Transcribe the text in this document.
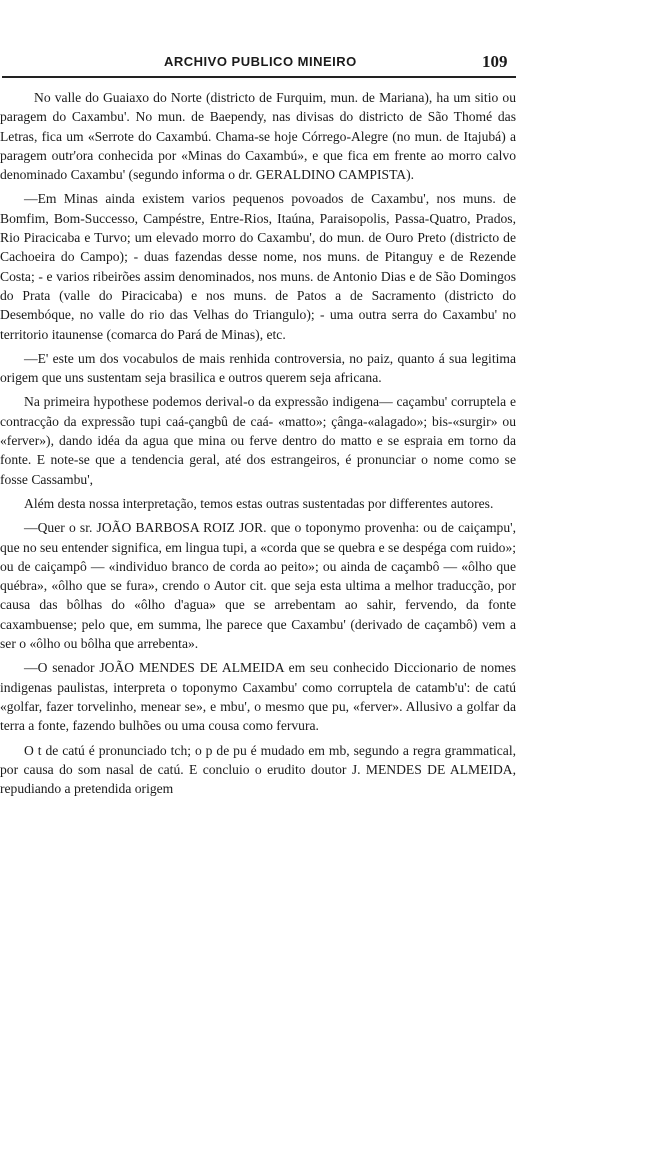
ARCHIVO PUBLICO MINEIRO	109

No valle do Guaiaxo do Norte (districto de Furquim, mun. de Mariana), ha um sitio ou paragem do Caxambu'. No mun. de Baependy, nas divisas do districto de São Thomé das Letras, fica um «Serrote do Caxambú. Chama-se hoje Córrego-Alegre (no mun. de Itajubá) a paragem outr'ora conhecida por «Minas do Caxambú», e que fica em frente ao morro calvo denominado Caxambu' (segundo informa o dr. GERALDINO CAMPISTA).

—Em Minas ainda existem varios pequenos povoados de Caxambu', nos muns. de Bomfim, Bom-Successo, Campéstre, Entre-Rios, Itaúna, Paraisopolis, Passa-Quatro, Prados, Rio Piracicaba e Turvo; um elevado morro do Caxambu', do mun. de Ouro Preto (districto de Cachoeira do Campo); - duas fazendas desse nome, nos muns. de Pitanguy e de Rezende Costa; - e varios ribeirões assim denominados, nos muns. de Antonio Dias e de São Domingos do Prata (valle do Piracicaba) e nos muns. de Patos a de Sacramento (districto do Desembóque, no valle do rio das Velhas do Triangulo); - uma outra serra do Caxambu' no territorio itaunense (comarca do Pará de Minas), etc.

—E' este um dos vocabulos de mais renhida controversia, no paiz, quanto á sua legitima origem que uns sustentam seja brasilica e outros querem seja africana.

Na primeira hypothese podemos derival-o da expressão indigena— caçambu' corruptela e contracção da expressão tupi caá-çangbû de caá- «matto»; çânga-«alagado»; bis-«surgir» ou «ferver»), dando idéa da agua que mina ou ferve dentro do matto e se espraia em torno da fonte. E note-se que a tendencia geral, até dos estrangeiros, é pronunciar o nome como se fosse Cassambu',

Além desta nossa interpretação, temos estas outras sustentadas por differentes autores.

—Quer o sr. JOÃO BARBOSA ROIZ JOR. que o toponymo provenha: ou de caiçampu', que no seu entender significa, em lingua tupi, a «corda que se quebra e se despéga com ruido»; ou de caiçampô — «individuo branco de corda ao peito»; ou ainda de caçambô — «ôlho que québra», «ôlho que se fura», crendo o Autor cit. que seja esta ultima a melhor traducção, por causa das bôlhas do «ôlho d'agua» que se arrebentam ao sahir, fervendo, da fonte caxambuense; pelo que, em summa, lhe parece que Caxambu' (derivado de caçambô) vem a ser o «ôlho ou bôlha que arrebenta».

—O senador JOÃO MENDES DE ALMEIDA em seu conhecido Diccionario de nomes indigenas paulistas, interpreta o toponymo Caxambu' como corruptela de catamb'u': de catú «golfar, fazer torvelinho, menear se», e mbu', o mesmo que pu, «ferver». Allusivo a golfar da terra a fonte, fazendo bulhões ou uma cousa como fervura.

O t de catú é pronunciado tch; o p de pu é mudado em mb, segundo a regra grammatical, por causa do som nasal de catú. E concluio o erudito doutor J. MENDES DE ALMEIDA, repudiando a pretendida origem
